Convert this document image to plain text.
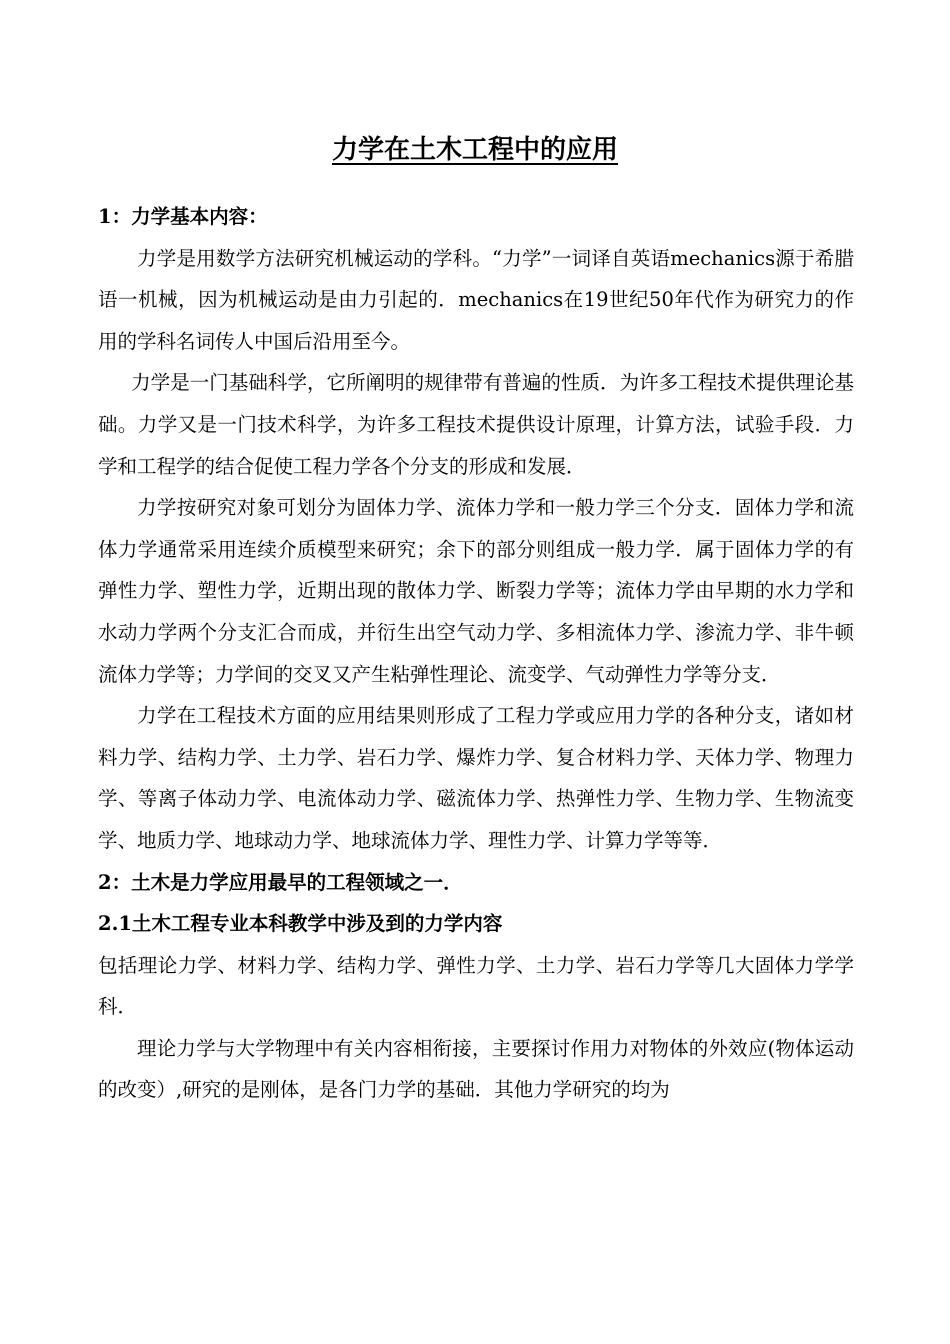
力学在土木工程中的应用

1：力学基本内容：

力学是用数学方法研究机械运动的学科。“力学”一词译自英语mechanics源于希腊语一机械，因为机械运动是由力引起的．mechanics在19世纪50年代作为研究力的作用的学科名词传人中国后沿用至今。

力学是一门基础科学，它所阐明的规律带有普遍的性质．为许多工程技术提供理论基础。力学又是一门技术科学，为许多工程技术提供设计原理，计算方法，试验手段．力学和工程学的结合促使工程力学各个分支的形成和发展．

力学按研究对象可划分为固体力学、流体力学和一般力学三个分支．固体力学和流体力学通常采用连续介质模型来研究；余下的部分则组成一般力学．属于固体力学的有弹性力学、塑性力学，近期出现的散体力学、断裂力学等；流体力学由早期的水力学和水动力学两个分支汇合而成，并衍生出空气动力学、多相流体力学、渗流力学、非牛顿流体力学等；力学间的交叉又产生粘弹性理论、流变学、气动弹性力学等分支．

力学在工程技术方面的应用结果则形成了工程力学或应用力学的各种分支，诸如材料力学、结构力学、土力学、岩石力学、爆炸力学、复合材料力学、天体力学、物理力学、等离子体动力学、电流体动力学、磁流体力学、热弹性力学、生物力学、生物流变学、地质力学、地球动力学、地球流体力学、理性力学、计算力学等等．

2：土木是力学应用最早的工程领域之一．

2.1土木工程专业本科教学中涉及到的力学内容

包括理论力学、材料力学、结构力学、弹性力学、土力学、岩石力学等几大固体力学学科．

理论力学与大学物理中有关内容相衔接，主要探讨作用力对物体的外效应(物体运动的改变）,研究的是刚体，是各门力学的基础．其他力学研究的均为
